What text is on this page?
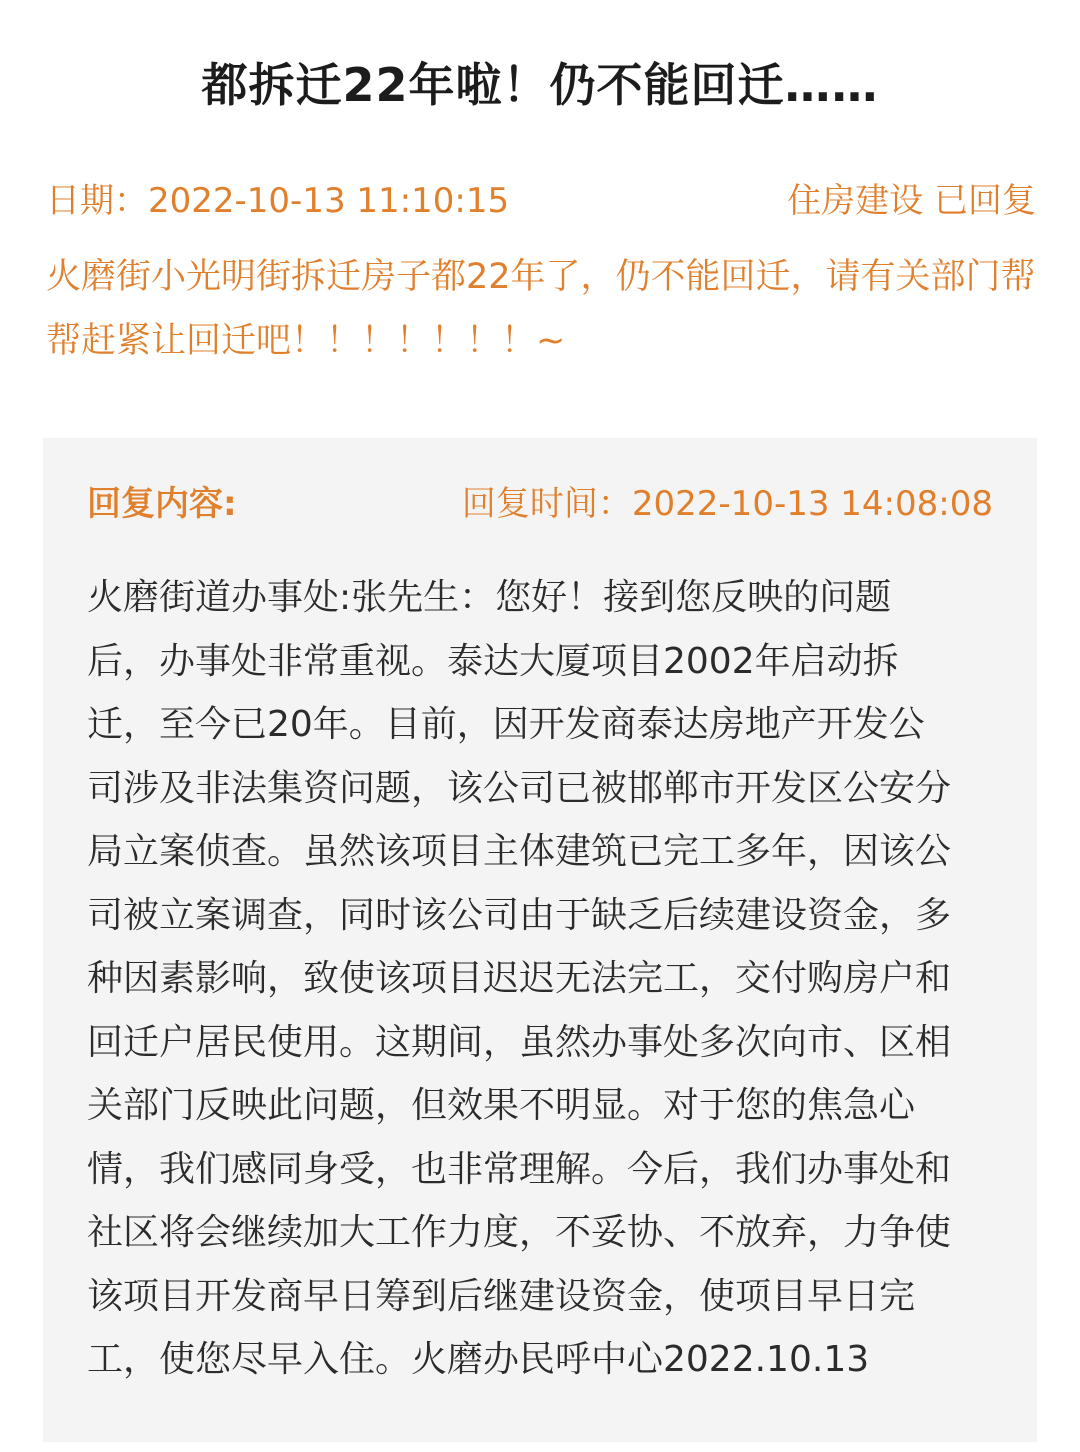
都拆迁22年啦！仍不能回迁……
日期： 2022-10-13 11:10:15	住房建设 已回复
火磨街小光明街拆迁房子都22年了，仍不能回迁，请有关部门帮帮赶紧让回迁吧！！！！！！！~
回复内容:	回复时间：2022-10-13 14:08:08
火磨街道办事处:张先生：您好！接到您反映的问题
后，办事处非常重视。泰达大厦项目2002年启动拆
迁，至今已20年。目前，因开发商泰达房地产开发公
司涉及非法集资问题，该公司已被邯郸市开发区公安分
局立案侦查。虽然该项目主体建筑已完工多年，因该公
司被立案调查，同时该公司由于缺乏后续建设资金，多
种因素影响，致使该项目迟迟无法完工，交付购房户和
回迁户居民使用。这期间，虽然办事处多次向市、区相
关部门反映此问题，但效果不明显。对于您的焦急心
情，我们感同身受，也非常理解。今后，我们办事处和
社区将会继续加大工作力度，不妥协、不放弃，力争使
该项目开发商早日筹到后继建设资金，使项目早日完
工，使您尽早入住。火磨办民呼中心2022.10.13
